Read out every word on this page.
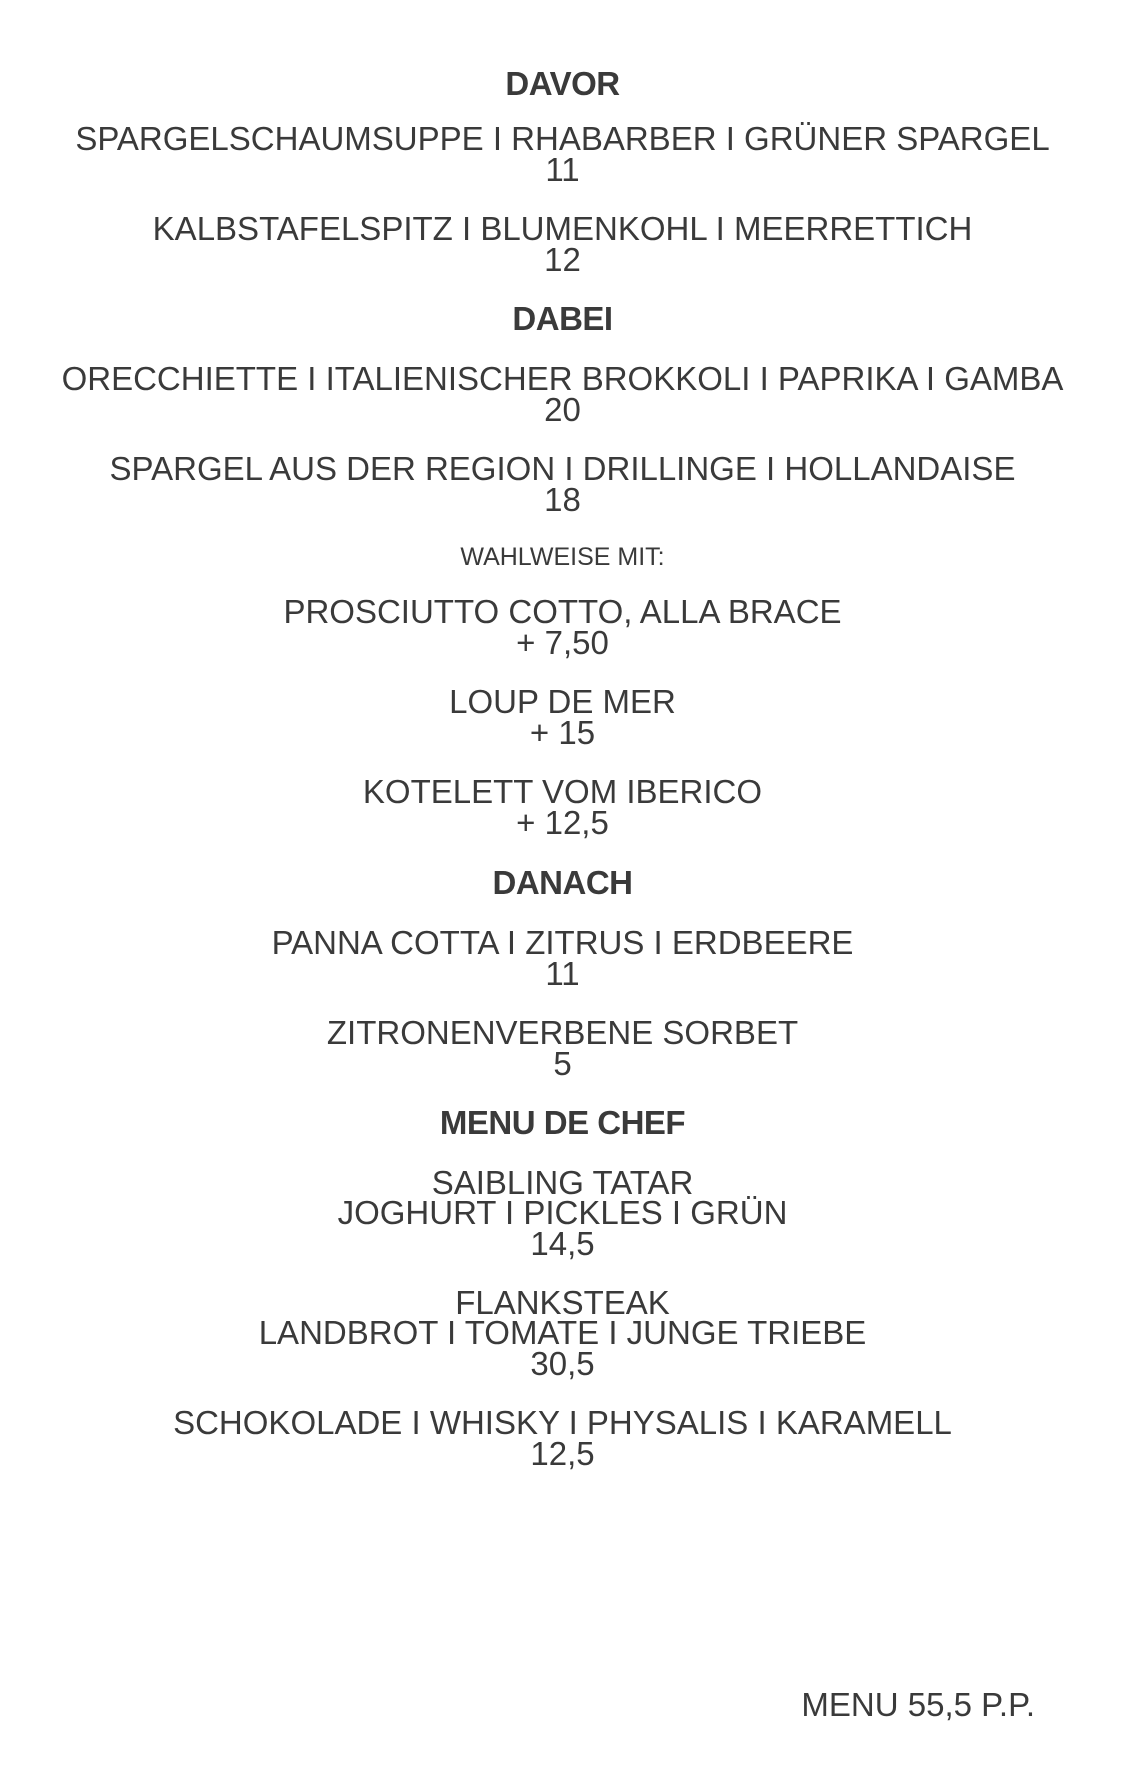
DAVOR
SPARGELSCHAUMSUPPE I RHABARBER I GRÜNER SPARGEL
11
KALBSTAFELSPITZ I BLUMENKOHL I MEERRETTICH
12
DABEI
ORECCHIETTE I ITALIENISCHER BROKKOLI I PAPRIKA I GAMBA
20
SPARGEL AUS DER REGION I DRILLINGE I HOLLANDAISE
18
WAHLWEISE MIT:
PROSCIUTTO COTTO, ALLA BRACE
+ 7,50
LOUP DE MER
+ 15
KOTELETT VOM IBERICO
+ 12,5
DANACH
PANNA COTTA I ZITRUS I ERDBEERE
11
ZITRONENVERBENE SORBET
5
MENU DE CHEF
SAIBLING TATAR
JOGHURT I PICKLES I GRÜN
14,5
FLANKSTEAK
LANDBROT I TOMATE I JUNGE TRIEBE
30,5
SCHOKOLADE I WHISKY I PHYSALIS I KARAMELL
12,5
MENU 55,5 P.P.
